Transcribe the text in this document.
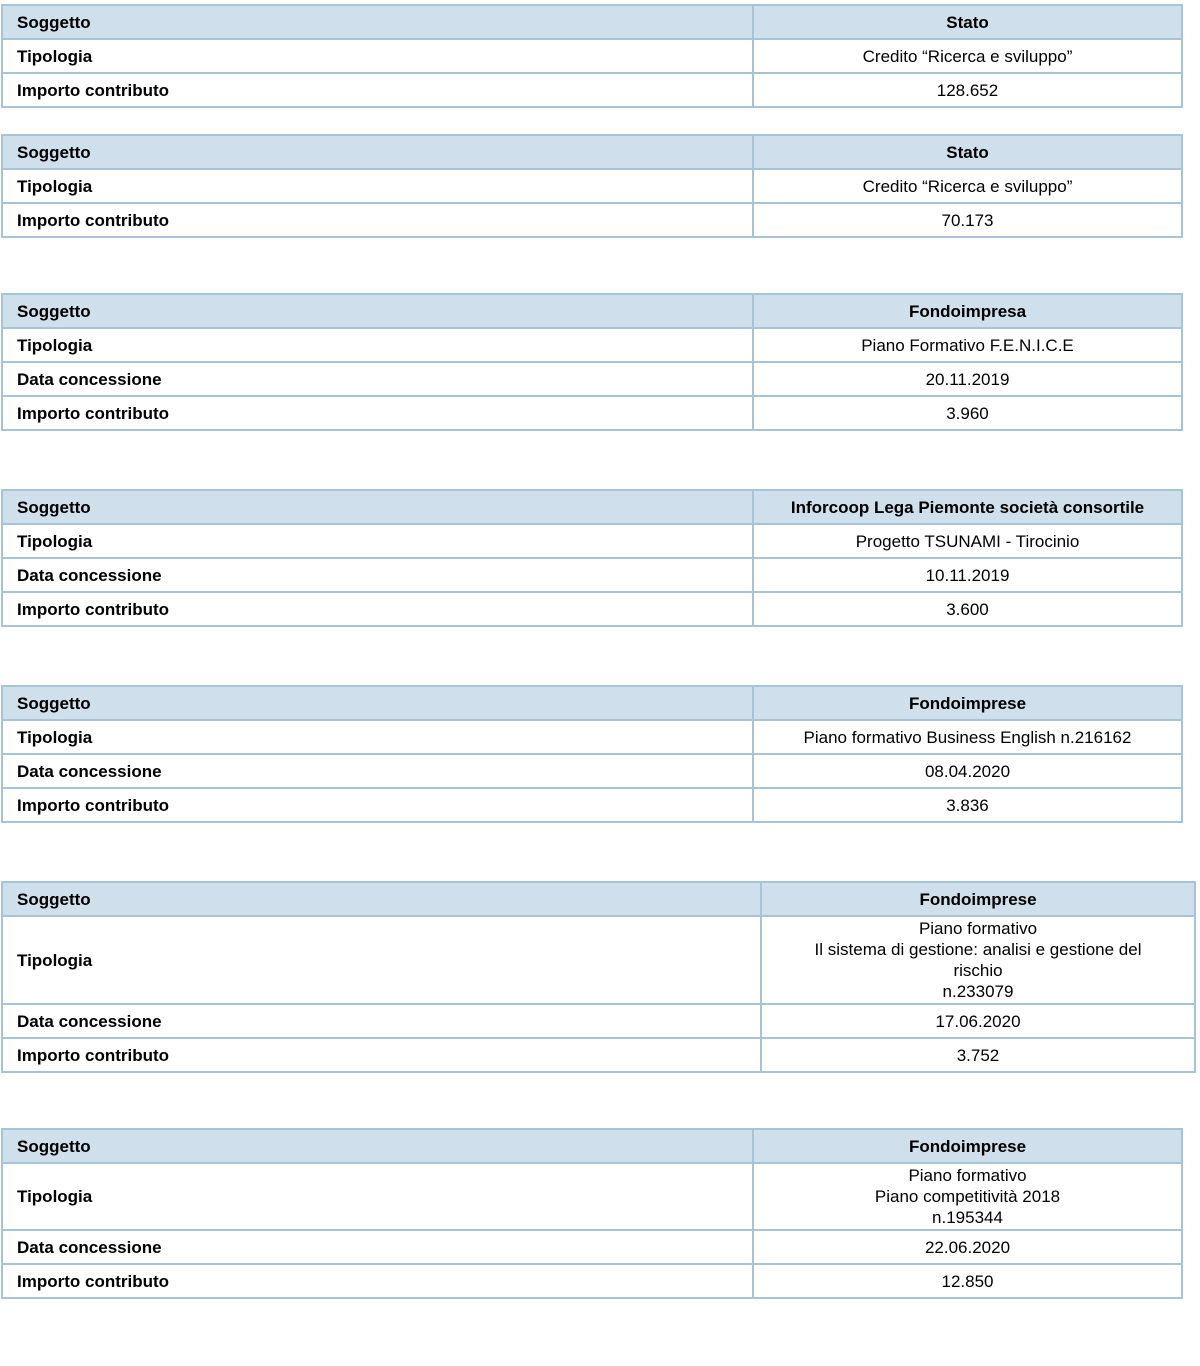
Soggetto	Stato
Tipologia	Credito “Ricerca e sviluppo”
Importo contributo	128.652
Soggetto	Stato
Tipologia	Credito “Ricerca e sviluppo”
Importo contributo	70.173
Soggetto	Fondoimpresa
Tipologia	Piano Formativo F.E.N.I.C.E
Data concessione	20.11.2019
Importo contributo	3.960
Soggetto	Inforcoop Lega Piemonte società consortile
Tipologia	Progetto TSUNAMI - Tirocinio
Data concessione	10.11.2019
Importo contributo	3.600
Soggetto	Fondoimprese
Tipologia	Piano formativo Business English n.216162
Data concessione	08.04.2020
Importo contributo	3.836
Soggetto	Fondoimprese
Tipologia	Piano formativo
Il sistema di gestione: analisi e gestione del
rischio
n.233079
Data concessione	17.06.2020
Importo contributo	3.752
Soggetto	Fondoimprese
Tipologia	Piano formativo
Piano competitività 2018
n.195344
Data concessione	22.06.2020
Importo contributo	12.850
